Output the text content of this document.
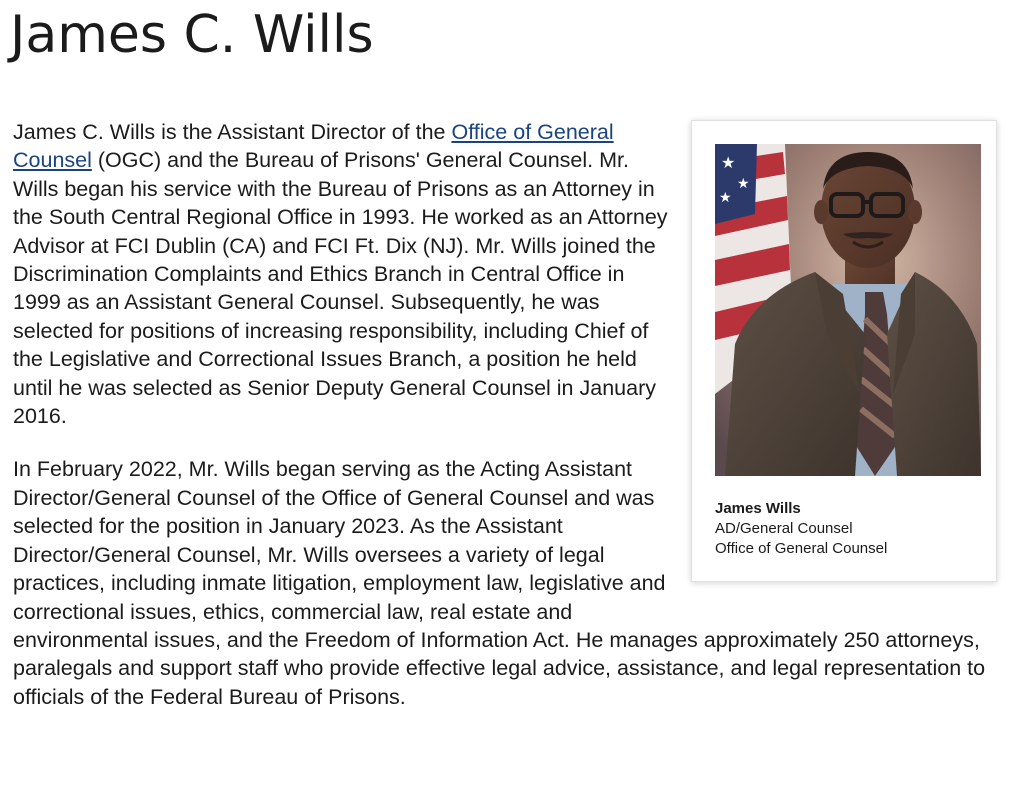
James C. Wills
★
★
★
James Wills
AD/General Counsel
Office of General Counsel

James C. Wills is the Assistant Director of the Office of General Counsel (OGC) and the Bureau of Prisons' General Counsel. Mr. Wills began his service with the Bureau of Prisons as an Attorney in the South Central Regional Office in 1993. He worked as an Attorney Advisor at FCI Dublin (CA) and FCI Ft. Dix (NJ). Mr. Wills joined the Discrimination Complaints and Ethics Branch in Central Office in 1999 as an Assistant General Counsel. Subsequently, he was selected for positions of increasing responsibility, including Chief of the Legislative and Correctional Issues Branch, a position he held until he was selected as Senior Deputy General Counsel in January 2016.

In February 2022, Mr. Wills began serving as the Acting Assistant Director/General Counsel of the Office of General Counsel and was selected for the position in January 2023. As the Assistant Director/General Counsel, Mr. Wills oversees a variety of legal practices, including inmate litigation, employment law, legislative and correctional issues, ethics, commercial law, real estate and environmental issues, and the Freedom of Information Act. He manages approximately 250 attorneys, paralegals and support staff who provide effective legal advice, assistance, and legal representation to officials of the Federal Bureau of Prisons.
